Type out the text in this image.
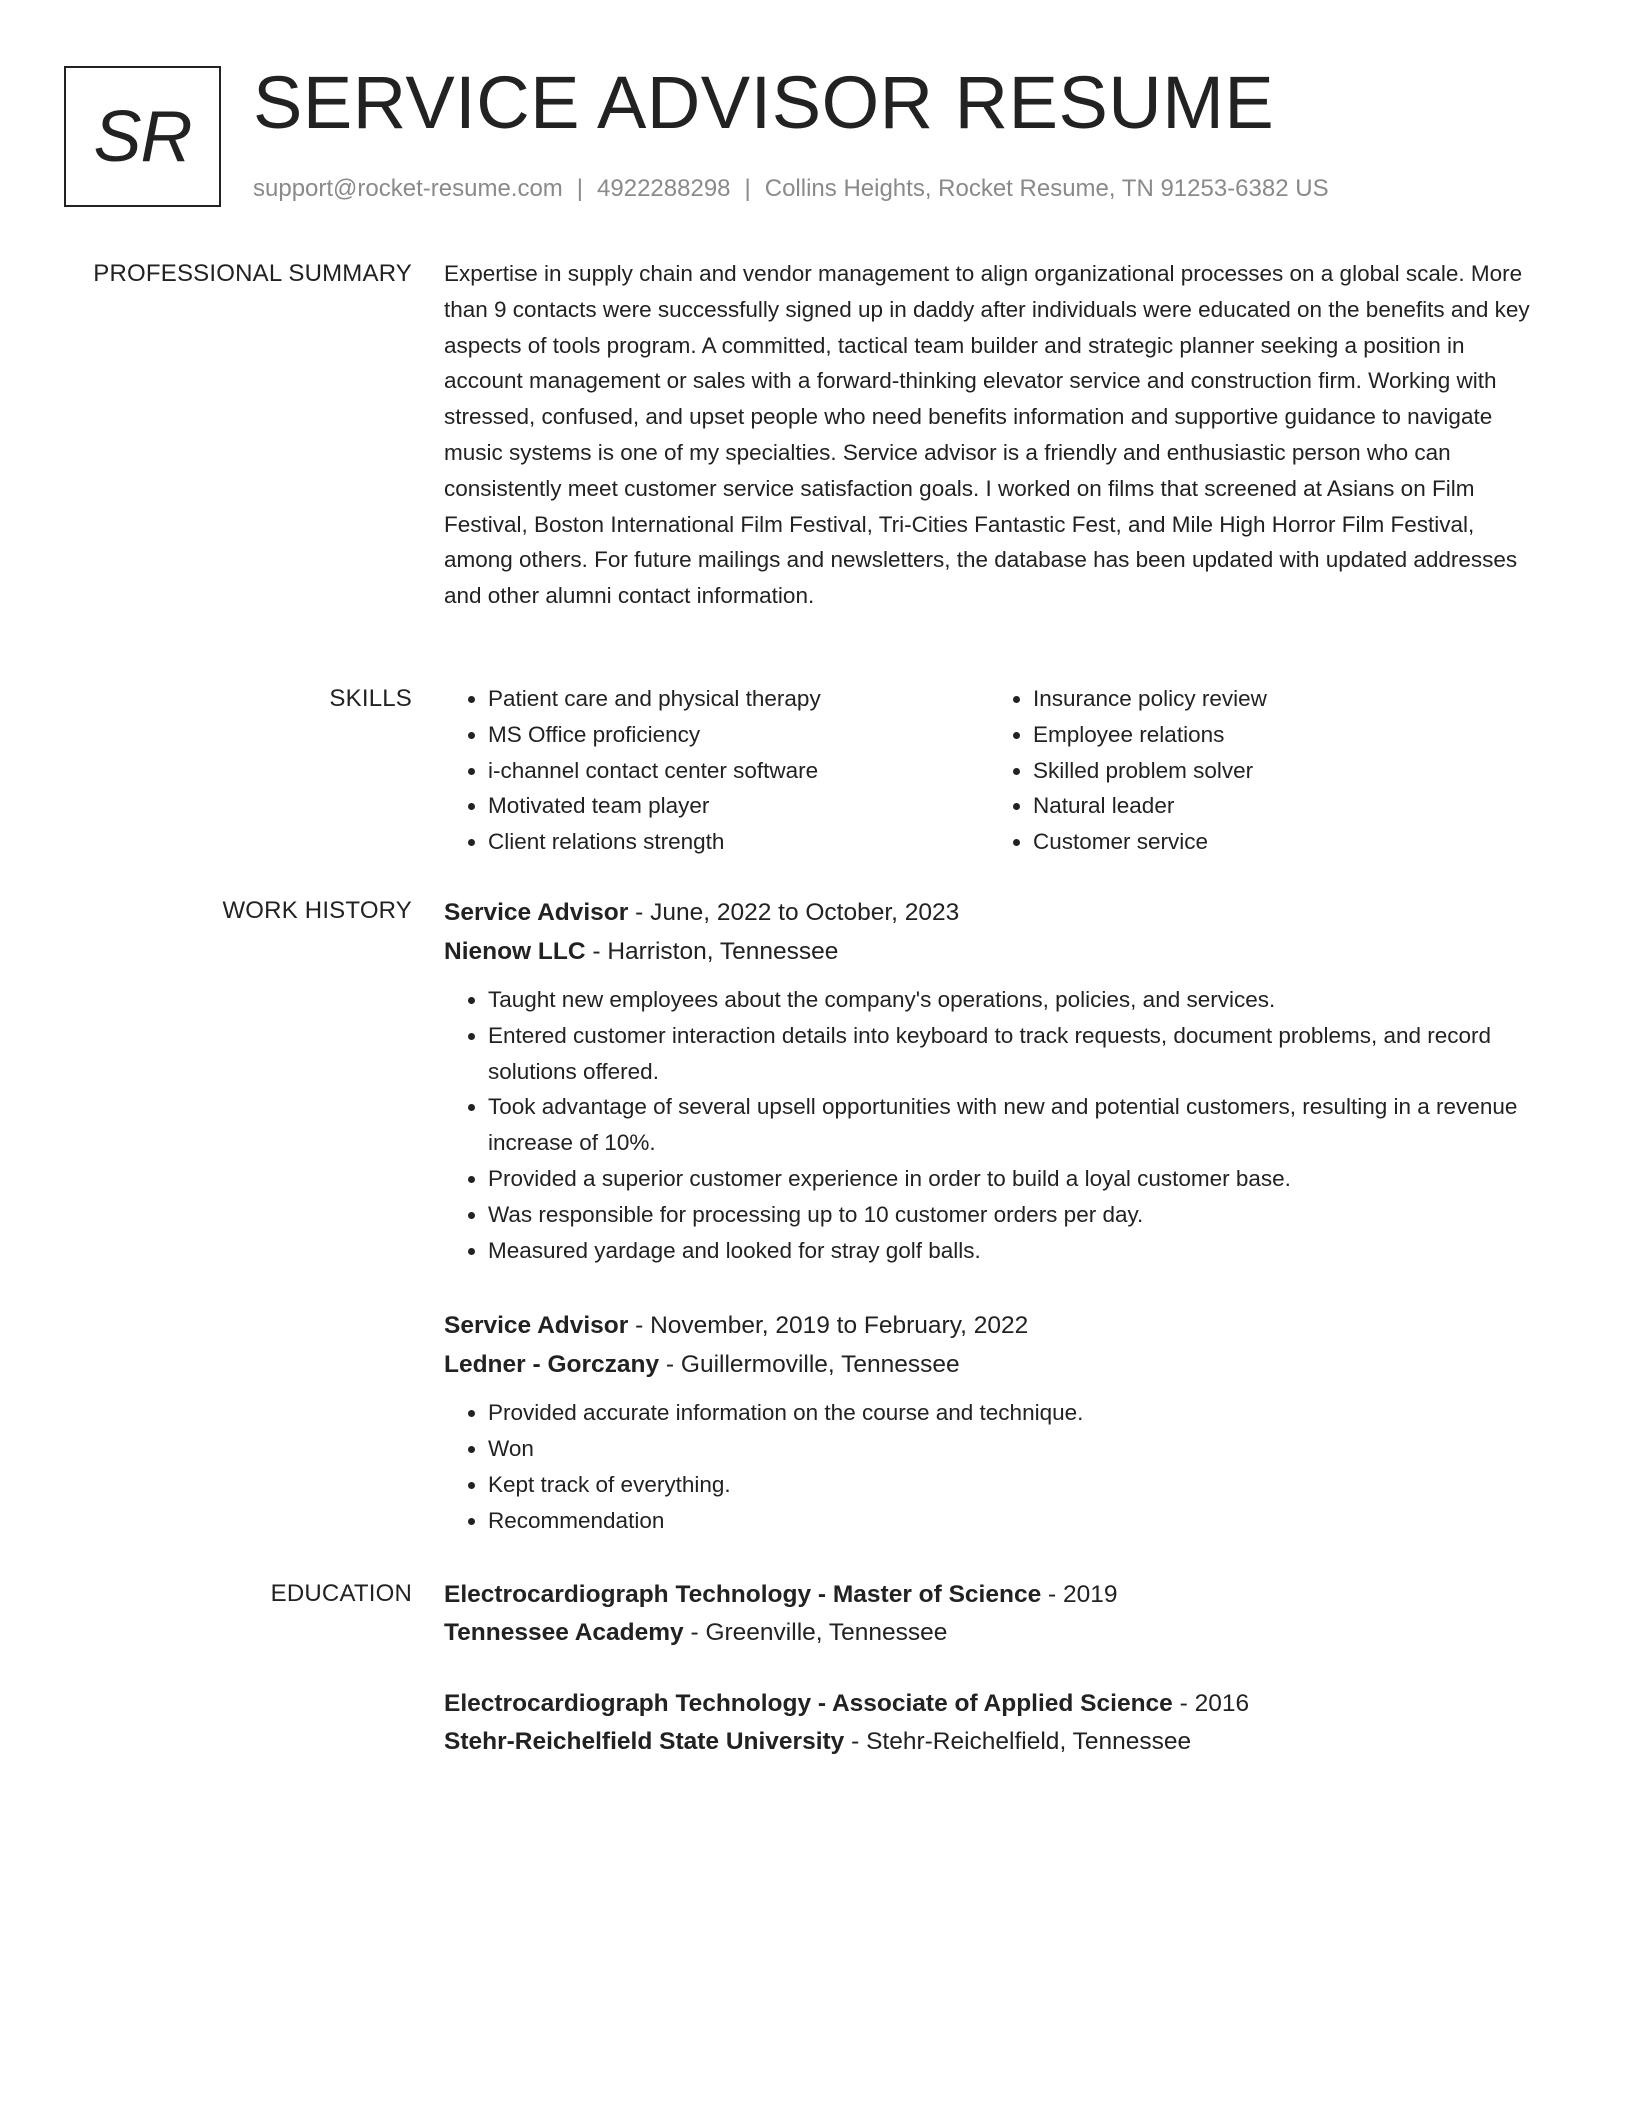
SR SERVICE ADVISOR RESUME
support@rocket-resume.com | 4922288298 | Collins Heights, Rocket Resume, TN 91253-6382 US
PROFESSIONAL SUMMARY Expertise in supply chain and vendor management to align organizational processes on a global scale. More than 9 contacts were successfully signed up in daddy after individuals were educated on the benefits and key aspects of tools program. A committed, tactical team builder and strategic planner seeking a position in account management or sales with a forward-thinking elevator service and construction firm. Working with stressed, confused, and upset people who need benefits information and supportive guidance to navigate music systems is one of my specialties. Service advisor is a friendly and enthusiastic person who can consistently meet customer service satisfaction goals. I worked on films that screened at Asians on Film Festival, Boston International Film Festival, Tri-Cities Fantastic Fest, and Mile High Horror Film Festival, among others. For future mailings and newsletters, the database has been updated with updated addresses and other alumni contact information.

SKILLS
•	Patient care and physical therapy
• MS Office proficiency
• i-channel contact center software
• Motivated team player
• Client relations strength
• Insurance policy review
• Employee relations
• Skilled problem solver
• Natural leader
• Customer service
WORK HISTORY Service Advisor - June, 2022 to October, 2023
Nienow LLC - Harriston, Tennessee
• Taught new employees about the company's operations, policies, and services.
• Entered customer interaction details into keyboard to track requests, document problems, and record solutions offered.
• Took advantage of several upsell opportunities with new and potential customers, resulting in a revenue increase of 10%.
• Provided a superior customer experience in order to build a loyal customer base.
• Was responsible for processing up to 10 customer orders per day.
• Measured yardage and looked for stray golf balls.
Service Advisor - November, 2019 to February, 2022
Ledner - Gorczany - Guillermoville, Tennessee
• Provided accurate information on the course and technique.
• Won
• Kept track of everything.
• Recommendation
EDUCATION Electrocardiograph Technology - Master of Science - 2019
Tennessee Academy - Greenville, Tennessee
Electrocardiograph Technology - Associate of Applied Science - 2016
Stehr-Reichelfield State University - Stehr-Reichelfield, Tennessee
